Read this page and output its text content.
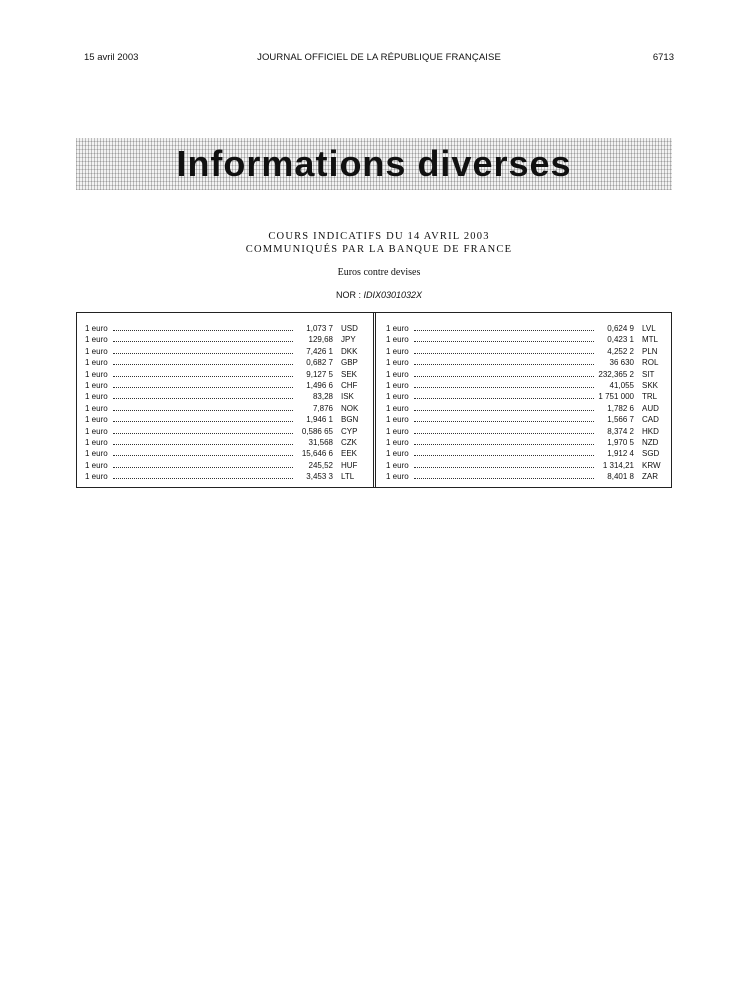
15 avril 2003	JOURNAL OFFICIEL DE LA RÉPUBLIQUE FRANÇAISE	6713
Informations diverses
COURS INDICATIFS DU 14 AVRIL 2003
COMMUNIQUÉS PAR LA BANQUE DE FRANCE
Euros contre devises
NOR : IDIX0301032X
1 euro	1,073 7 USD
1 euro	129,68 JPY
1 euro	7,426 1 DKK
1 euro	0,682 7 GBP
1 euro	9,127 5 SEK
1 euro	1,496 6 CHF
1 euro	83,28 ISK
1 euro	7,876 NOK
1 euro	1,946 1 BGN
1 euro	0,586 65 CYP
1 euro	31,568 CZK
1 euro	15,646 6 EEK
1 euro	245,52 HUF
1 euro	3,453 3 LTL
1 euro	0,624 9 LVL
1 euro	0,423 1 MTL
1 euro	4,252 2 PLN
1 euro	36 630 ROL
1 euro	232,365 2 SIT
1 euro	41,055 SKK
1 euro	1 751 000 TRL
1 euro	1,782 6 AUD
1 euro	1,566 7 CAD
1 euro	8,374 2 HKD
1 euro	1,970 5 NZD
1 euro	1,912 4 SGD
1 euro	1 314,21 KRW
1 euro	8,401 8 ZAR
